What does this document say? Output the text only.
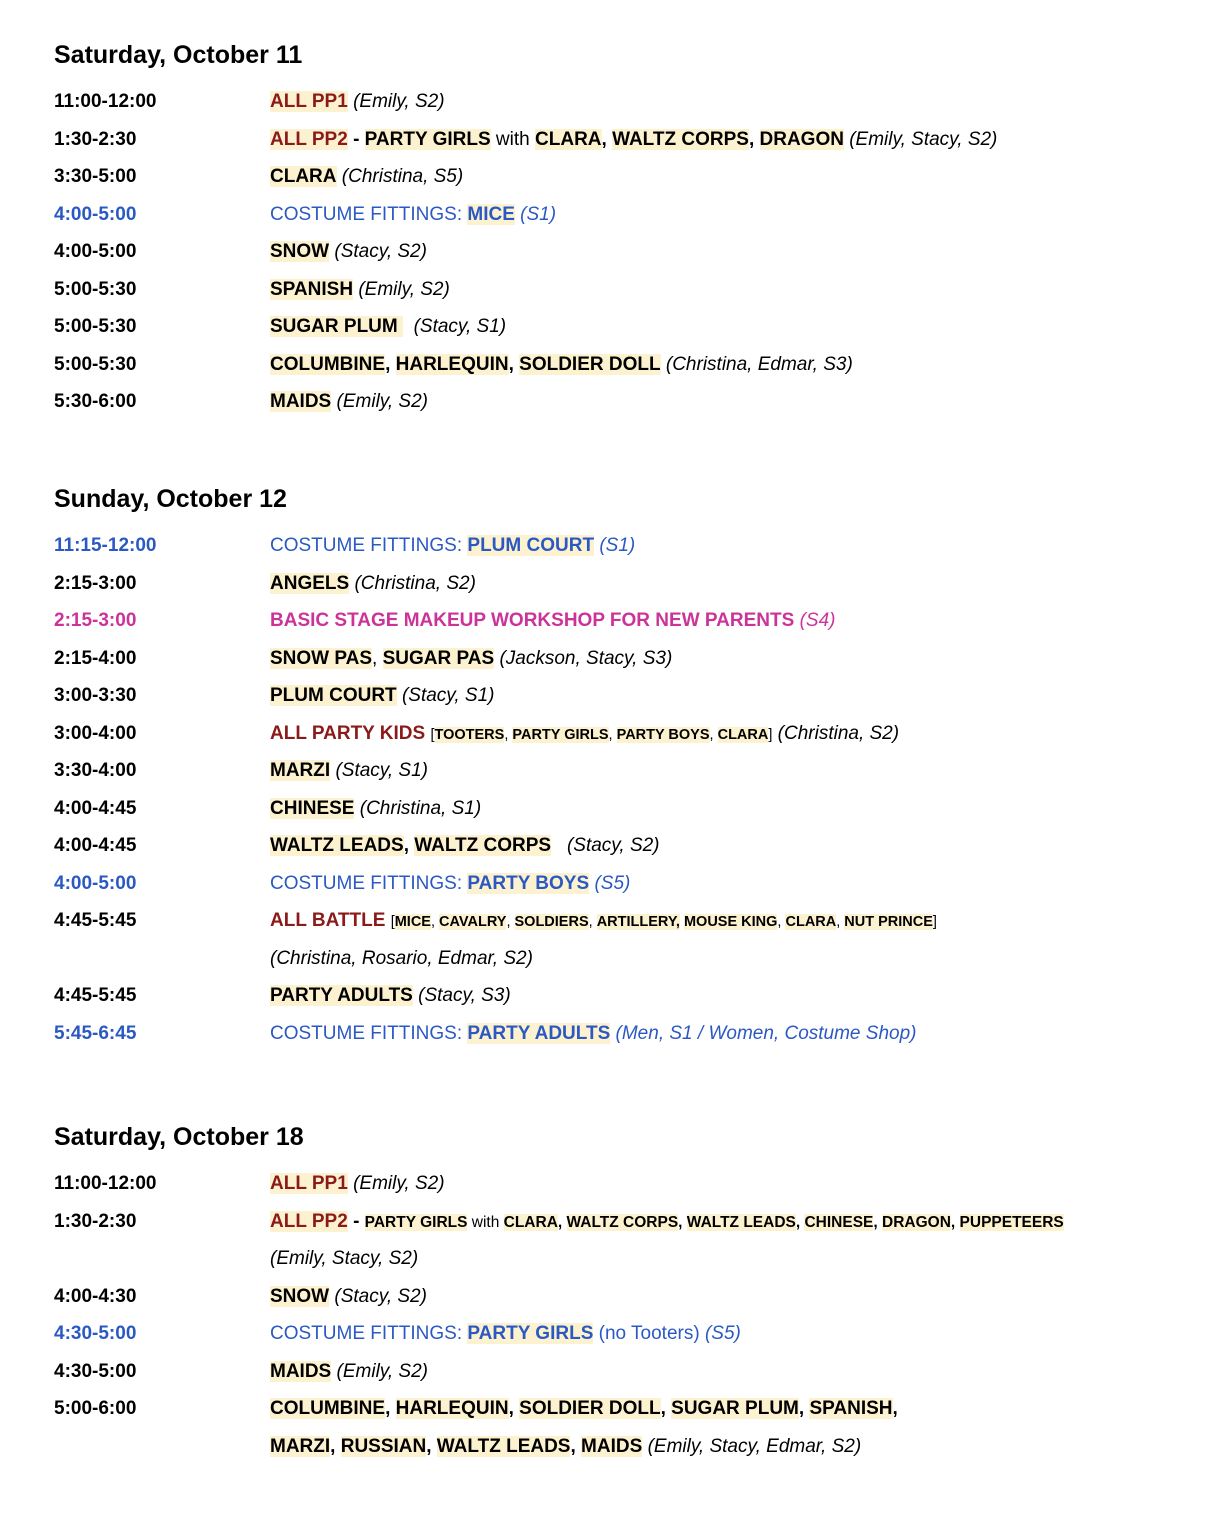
Saturday, October 11
11:00-12:00	ALL PP1 (Emily, S2)
1:30-2:30	ALL PP2 - PARTY GIRLS with CLARA, WALTZ CORPS, DRAGON (Emily, Stacy, S2)
3:30-5:00	CLARA (Christina, S5)
4:00-5:00	COSTUME FITTINGS: MICE (S1)
4:00-5:00	SNOW (Stacy, S2)
5:00-5:30	SPANISH (Emily, S2)
5:00-5:30	SUGAR PLUM   (Stacy, S1)
5:00-5:30	COLUMBINE, HARLEQUIN, SOLDIER DOLL (Christina, Edmar, S3)
5:30-6:00	MAIDS (Emily, S2)
Sunday, October 12
11:15-12:00	COSTUME FITTINGS: PLUM COURT (S1)
2:15-3:00	ANGELS (Christina, S2)
2:15-3:00	BASIC STAGE MAKEUP WORKSHOP FOR NEW PARENTS (S4)
2:15-4:00	SNOW PAS, SUGAR PAS (Jackson, Stacy, S3)
3:00-3:30	PLUM COURT (Stacy, S1)
3:00-4:00	ALL PARTY KIDS [TOOTERS, PARTY GIRLS, PARTY BOYS, CLARA] (Christina, S2)
3:30-4:00	MARZI (Stacy, S1)
4:00-4:45	CHINESE (Christina, S1)
4:00-4:45	WALTZ LEADS, WALTZ CORPS (Stacy, S2)
4:00-5:00	COSTUME FITTINGS: PARTY BOYS (S5)
4:45-5:45	ALL BATTLE [MICE, CAVALRY, SOLDIERS, ARTILLERY, MOUSE KING, CLARA, NUT PRINCE]
(Christina, Rosario, Edmar, S2)
4:45-5:45	PARTY ADULTS (Stacy, S3)
5:45-6:45	COSTUME FITTINGS: PARTY ADULTS (Men, S1 / Women, Costume Shop)
Saturday, October 18
11:00-12:00	ALL PP1 (Emily, S2)
1:30-2:30	ALL PP2 - PARTY GIRLS with CLARA, WALTZ CORPS, WALTZ LEADS, CHINESE, DRAGON, PUPPETEERS
(Emily, Stacy, S2)
4:00-4:30	SNOW (Stacy, S2)
4:30-5:00	COSTUME FITTINGS: PARTY GIRLS (no Tooters) (S5)
4:30-5:00	MAIDS (Emily, S2)
5:00-6:00	COLUMBINE, HARLEQUIN, SOLDIER DOLL, SUGAR PLUM, SPANISH,
MARZI, RUSSIAN, WALTZ LEADS, MAIDS (Emily, Stacy, Edmar, S2)
